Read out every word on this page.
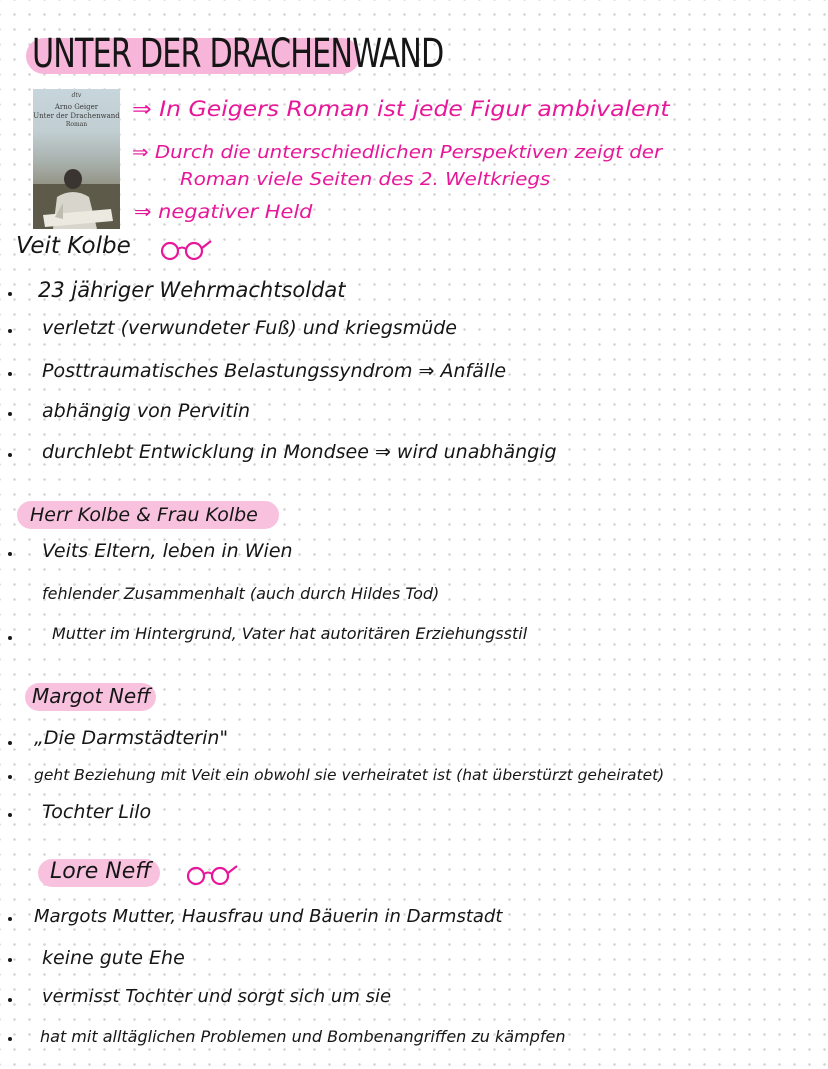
UNTER DER DRACHENWAND
dtv
Arno Geiger
Unter der Drachenwand
Roman

⇒ In Geigers Roman ist jede Figur ambivalent

⇒ Durch die unterschiedlichen Perspektiven zeigt der

Roman viele Seiten des 2. Weltkriegs

⇒ negativer Held

Veit Kolbe

23 jähriger Wehrmachtsoldat

verletzt (verwundeter Fuß) und kriegsmüde

Posttraumatisches Belastungssyndrom ⇒ Anfälle

abhängig von Pervitin

durchlebt Entwicklung in Mondsee ⇒ wird unabhängig

Herr Kolbe & Frau Kolbe

Veits Eltern, leben in Wien

fehlender Zusammenhalt (auch durch Hildes Tod)

Mutter im Hintergrund, Vater hat autoritären Erziehungsstil

Margot Neff

„Die Darmstädterin"

geht Beziehung mit Veit ein obwohl sie verheiratet ist (hat überstürzt geheiratet)

Tochter Lilo

Lore Neff

Margots Mutter, Hausfrau und Bäuerin in Darmstadt

keine gute Ehe

vermisst Tochter und sorgt sich um sie

hat mit alltäglichen Problemen und Bombenangriffen zu kämpfen
